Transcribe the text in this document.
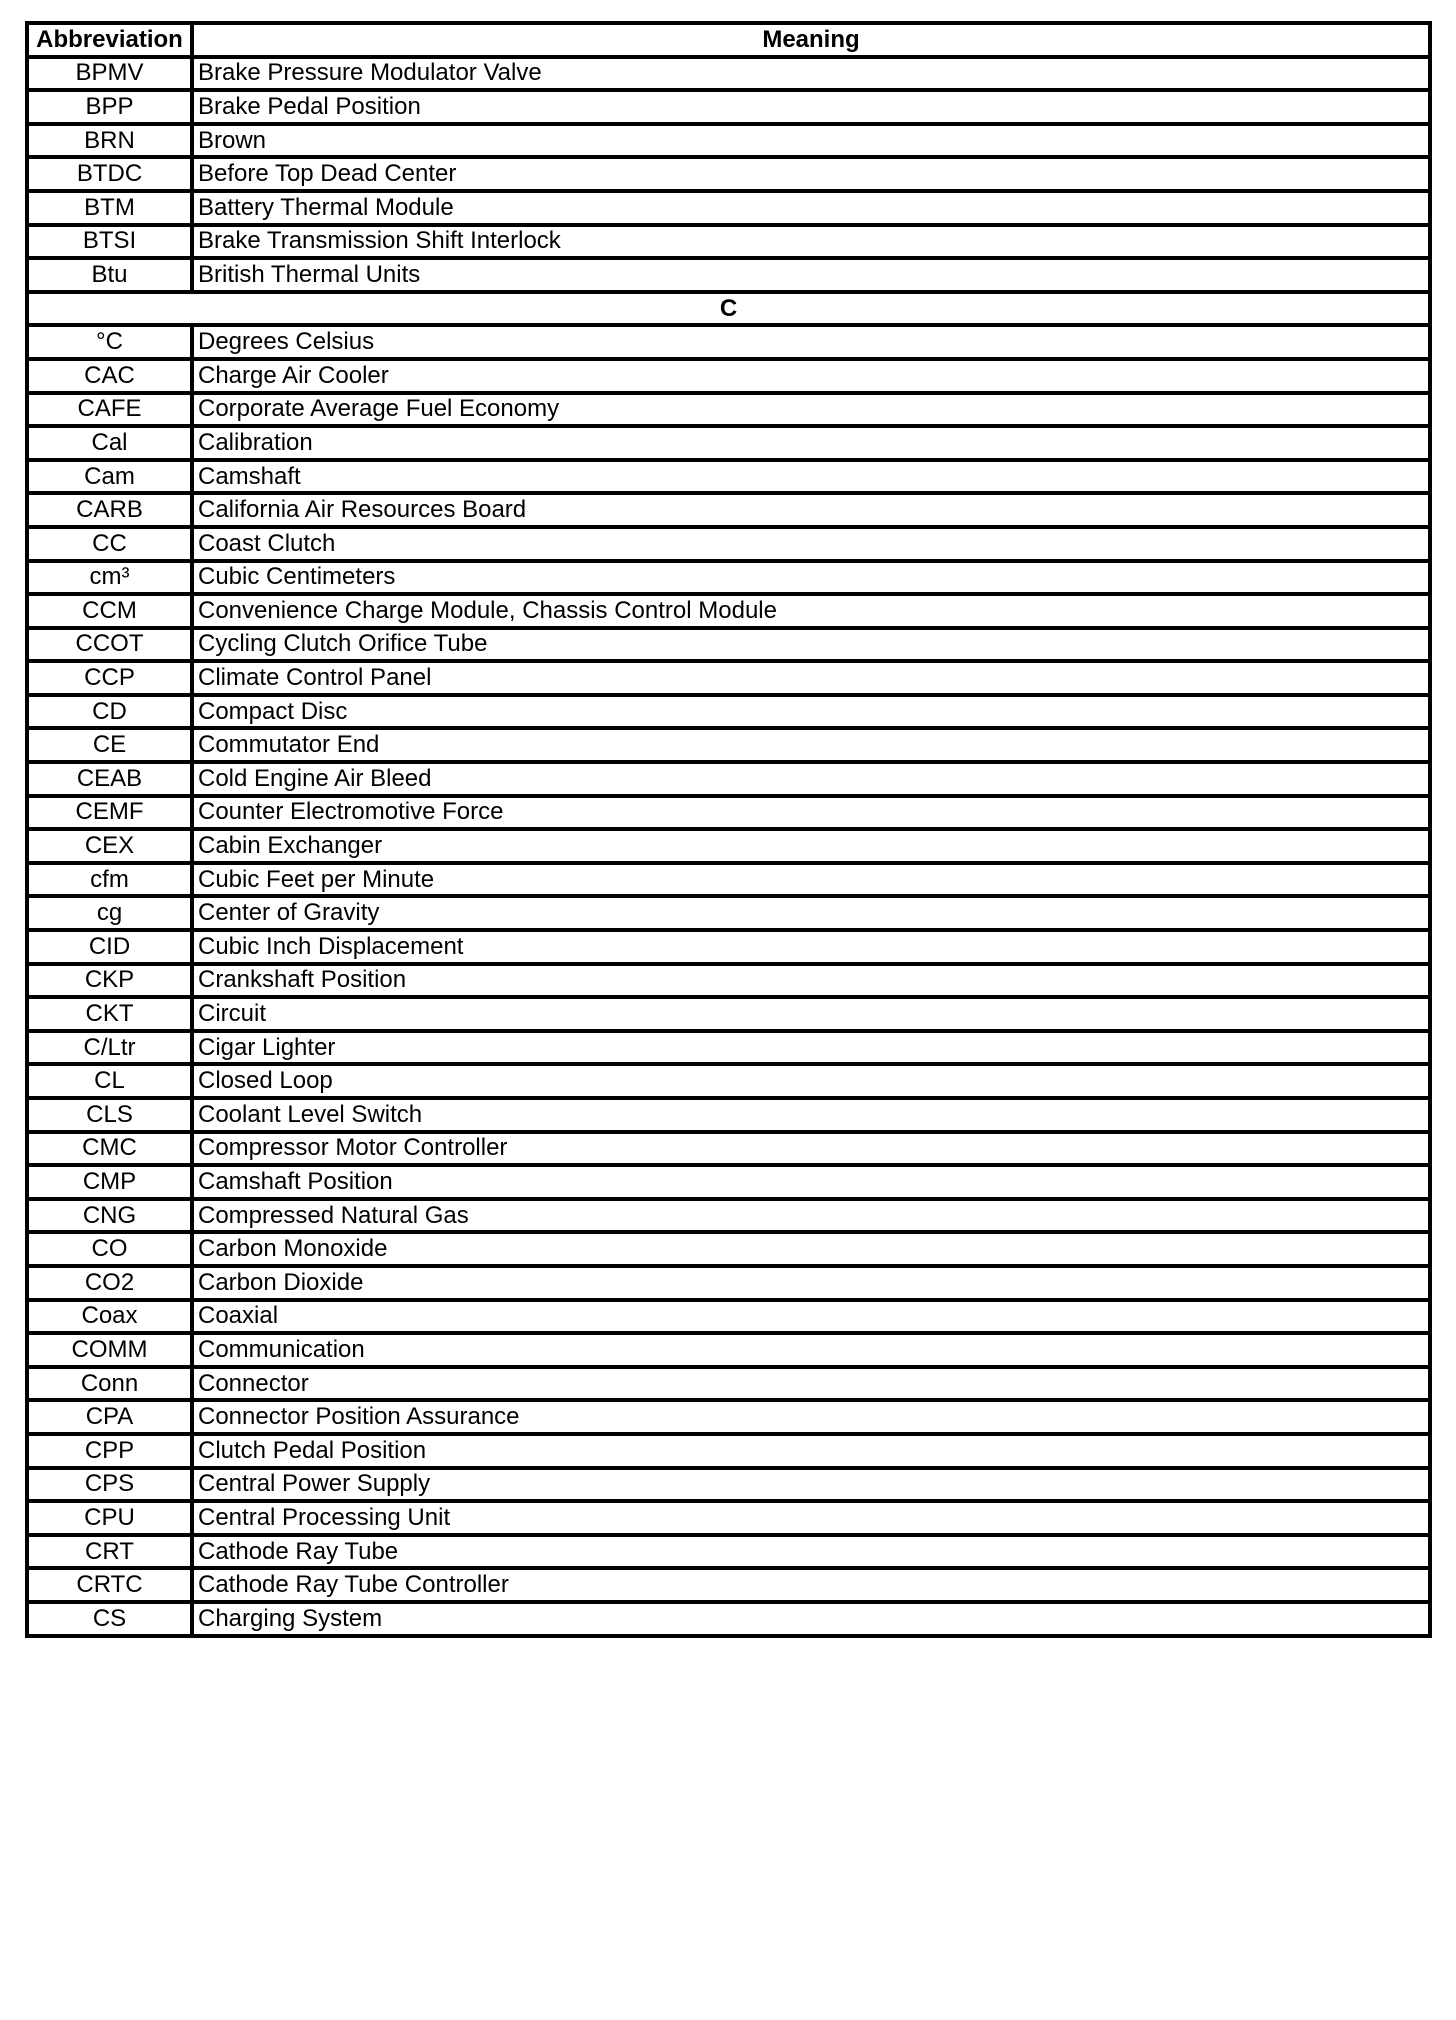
Abbreviation	Meaning
BPMV	Brake Pressure Modulator Valve
BPP	Brake Pedal Position
BRN	Brown
BTDC	Before Top Dead Center
BTM	Battery Thermal Module
BTSI	Brake Transmission Shift Interlock
Btu	British Thermal Units
C	
°C	Degrees Celsius
CAC	Charge Air Cooler
CAFE	Corporate Average Fuel Economy
Cal	Calibration
Cam	Camshaft
CARB	California Air Resources Board
CC	Coast Clutch
cm³	Cubic Centimeters
CCM	Convenience Charge Module, Chassis Control Module
CCOT	Cycling Clutch Orifice Tube
CCP	Climate Control Panel
CD	Compact Disc
CE	Commutator End
CEAB	Cold Engine Air Bleed
CEMF	Counter Electromotive Force
CEX	Cabin Exchanger
cfm	Cubic Feet per Minute
cg	Center of Gravity
CID	Cubic Inch Displacement
CKP	Crankshaft Position
CKT	Circuit
C/Ltr	Cigar Lighter
CL	Closed Loop
CLS	Coolant Level Switch
CMC	Compressor Motor Controller
CMP	Camshaft Position
CNG	Compressed Natural Gas
CO	Carbon Monoxide
CO2	Carbon Dioxide
Coax	Coaxial
COMM	Communication
Conn	Connector
CPA	Connector Position Assurance
CPP	Clutch Pedal Position
CPS	Central Power Supply
CPU	Central Processing Unit
CRT	Cathode Ray Tube
CRTC	Cathode Ray Tube Controller
CS	Charging System
